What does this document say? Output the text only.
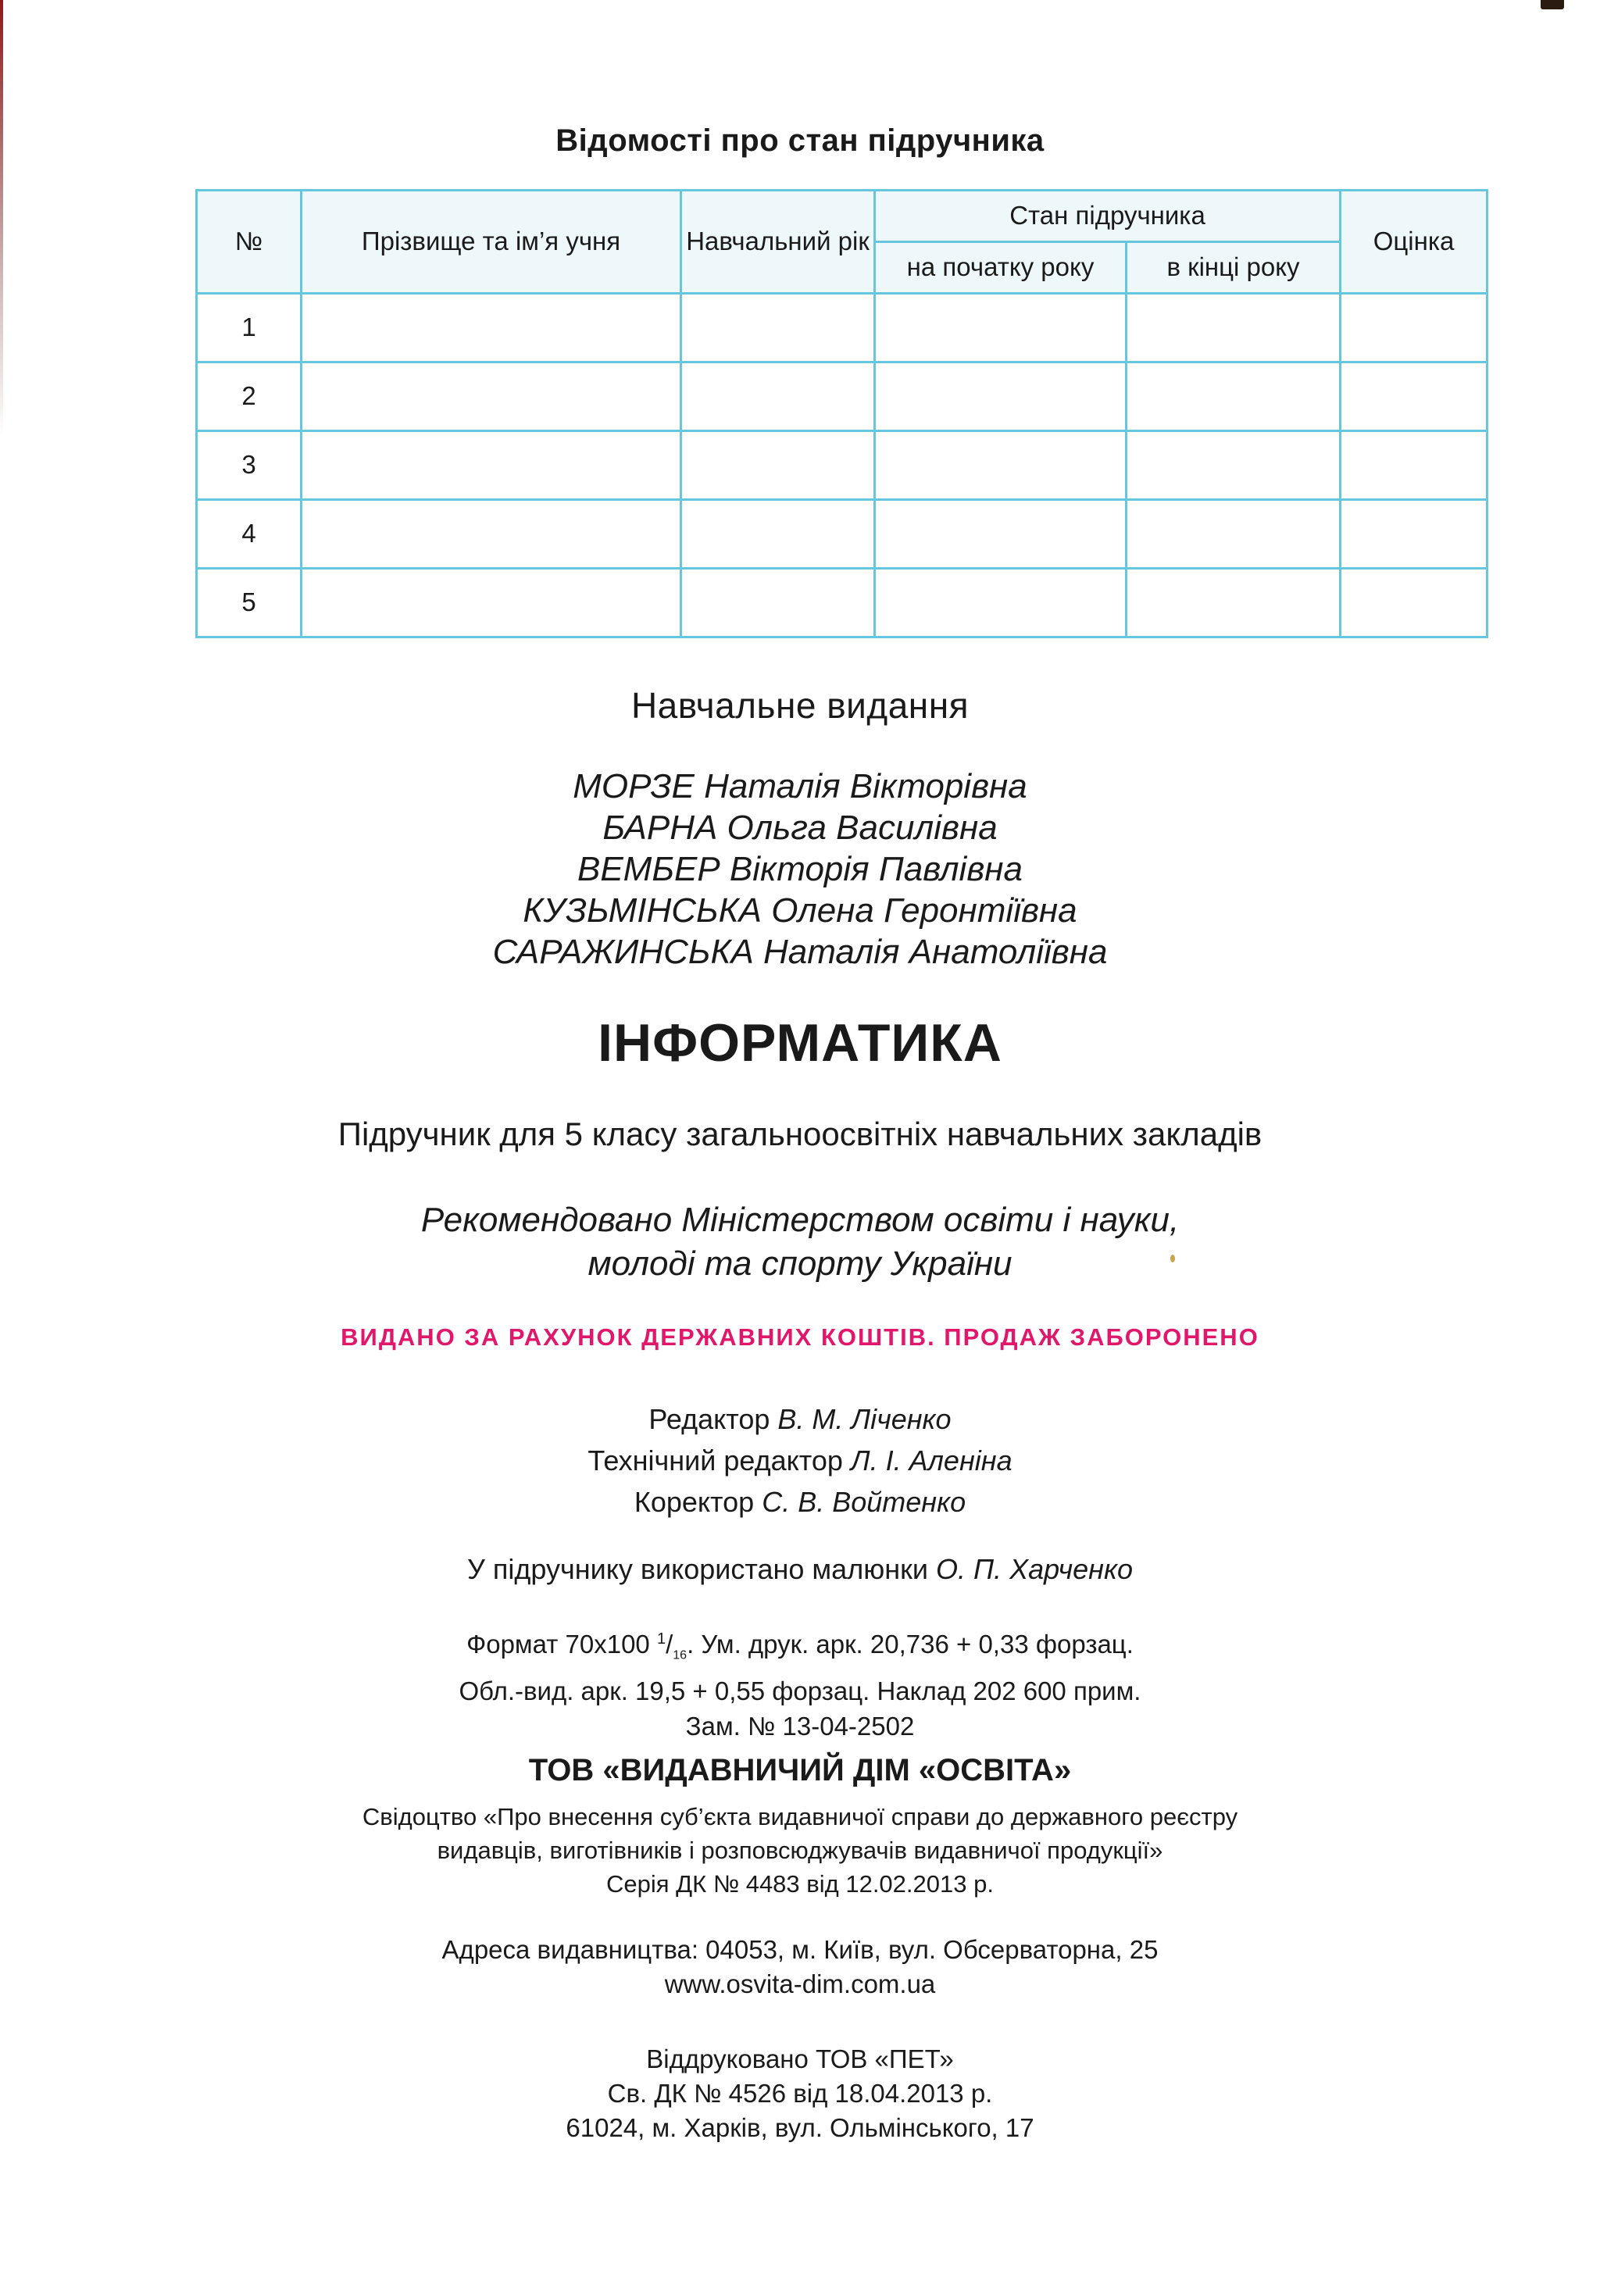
Відомості про стан підручника
№	Прізвище та ім’я учня	Навчальний рік	Стан підручника		Оцінка
			на початку року	в кінці року	
1					
2					
3					
4					
5					
Навчальне видання
МОРЗЕ Наталія Вікторівна
БАРНА Ольга Василівна
ВЕМБЕР Вікторія Павлівна
КУЗЬМІНСЬКА Олена Геронтіївна
САРАЖИНСЬКА Наталія Анатоліївна
ІНФОРМАТИКА
Підручник для 5 класу загальноосвітніх навчальних закладів
Рекомендовано Міністерством освіти і науки,
молоді та спорту України
ВИДАНО ЗА РАХУНОК ДЕРЖАВНИХ КОШТІВ. ПРОДАЖ ЗАБОРОНЕНО
Редактор В. М. Ліченко
Технічний редактор Л. І. Аленіна
Коректор С. В. Войтенко
У підручнику використано малюнки О. П. Харченко
Формат 70х100 $^1/_{16}$. Ум. друк. арк. 20,736 + 0,33 форзац.
Обл.-вид. арк. 19,5 + 0,55 форзац. Наклад 202 600 прим.
Зам. № 13-04-2502
ТОВ «ВИДАВНИЧИЙ ДІМ «ОСВІТА»
Свідоцтво «Про внесення суб’єкта видавничої справи до державного реєстру
видавців, виготівників і розповсюджувачів видавничої продукції»
Серія ДК № 4483 від 12.02.2013 р.
Адреса видавництва: 04053, м. Київ, вул. Обсерваторна, 25
www.osvita-dim.com.ua
Віддруковано ТОВ «ПЕТ»
Св. ДК № 4526 від 18.04.2013 р.
61024, м. Харків, вул. Ольмінського, 17
